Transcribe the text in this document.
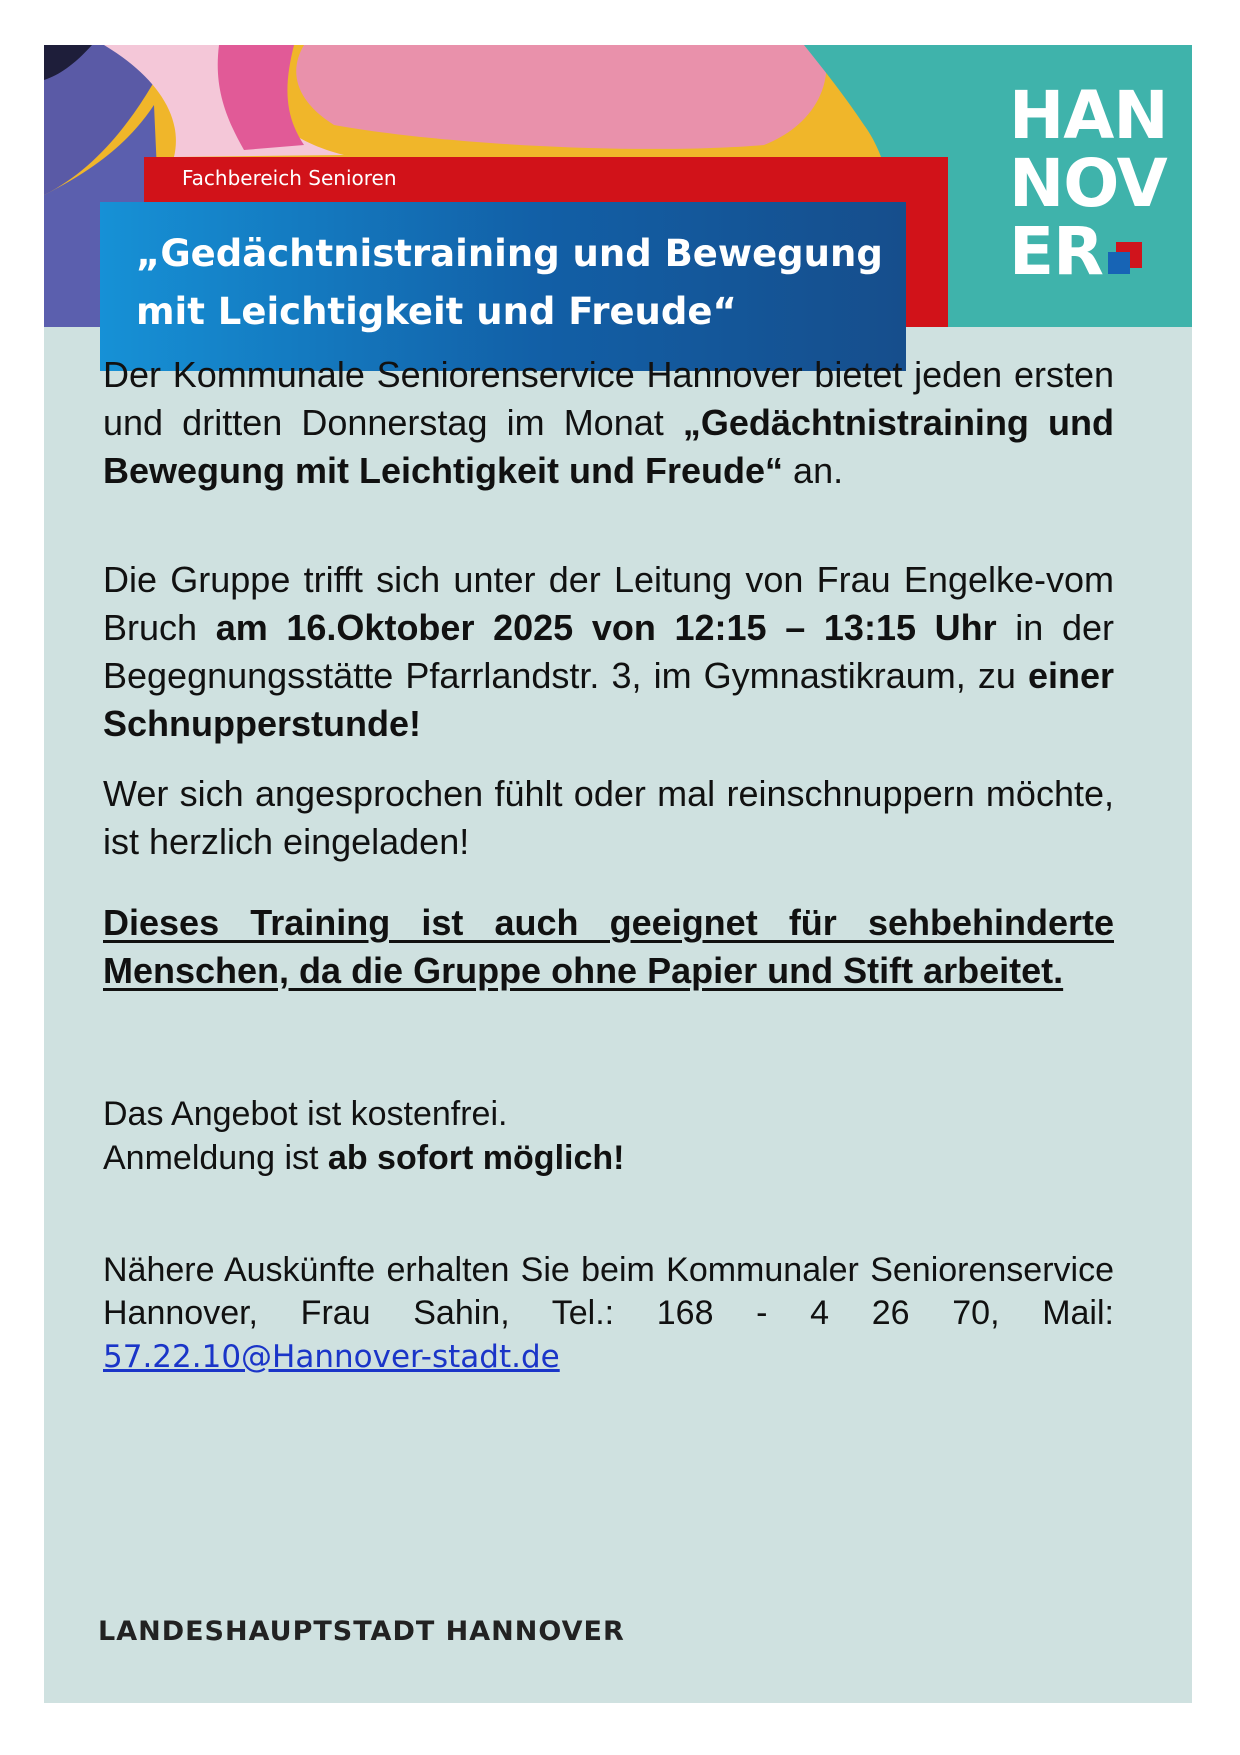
Fachbereich Senioren
HAN
NOV
ER
„Gedächtnistraining und Bewegung
mit Leichtigkeit und Freude“

Der Kommunale Seniorenservice Hannover bietet jeden ersten und dritten Donnerstag im Monat „Gedächtnistraining und Bewegung mit Leichtigkeit und Freude“ an.

Die Gruppe trifft sich unter der Leitung von Frau Engelke-vom Bruch am 16.Oktober 2025 von 12:15 – 13:15 Uhr in der Begegnungsstätte Pfarrlandstr. 3, im Gymnastikraum, zu einer Schnupperstunde!

Wer sich angesprochen fühlt oder mal reinschnuppern möchte, ist herzlich eingeladen!

Dieses Training ist auch geeignet für sehbehinderte Menschen, da die Gruppe ohne Papier und Stift arbeitet.

Das Angebot ist kostenfrei.
Anmeldung ist ab sofort möglich!

Nähere Auskünfte erhalten Sie beim Kommunaler Seniorenservice Hannover, Frau Sahin, Tel.: 168 - 4 26 70, Mail: 57.22.10@Hannover-stadt.de

LANDESHAUPTSTADT HANNOVER
